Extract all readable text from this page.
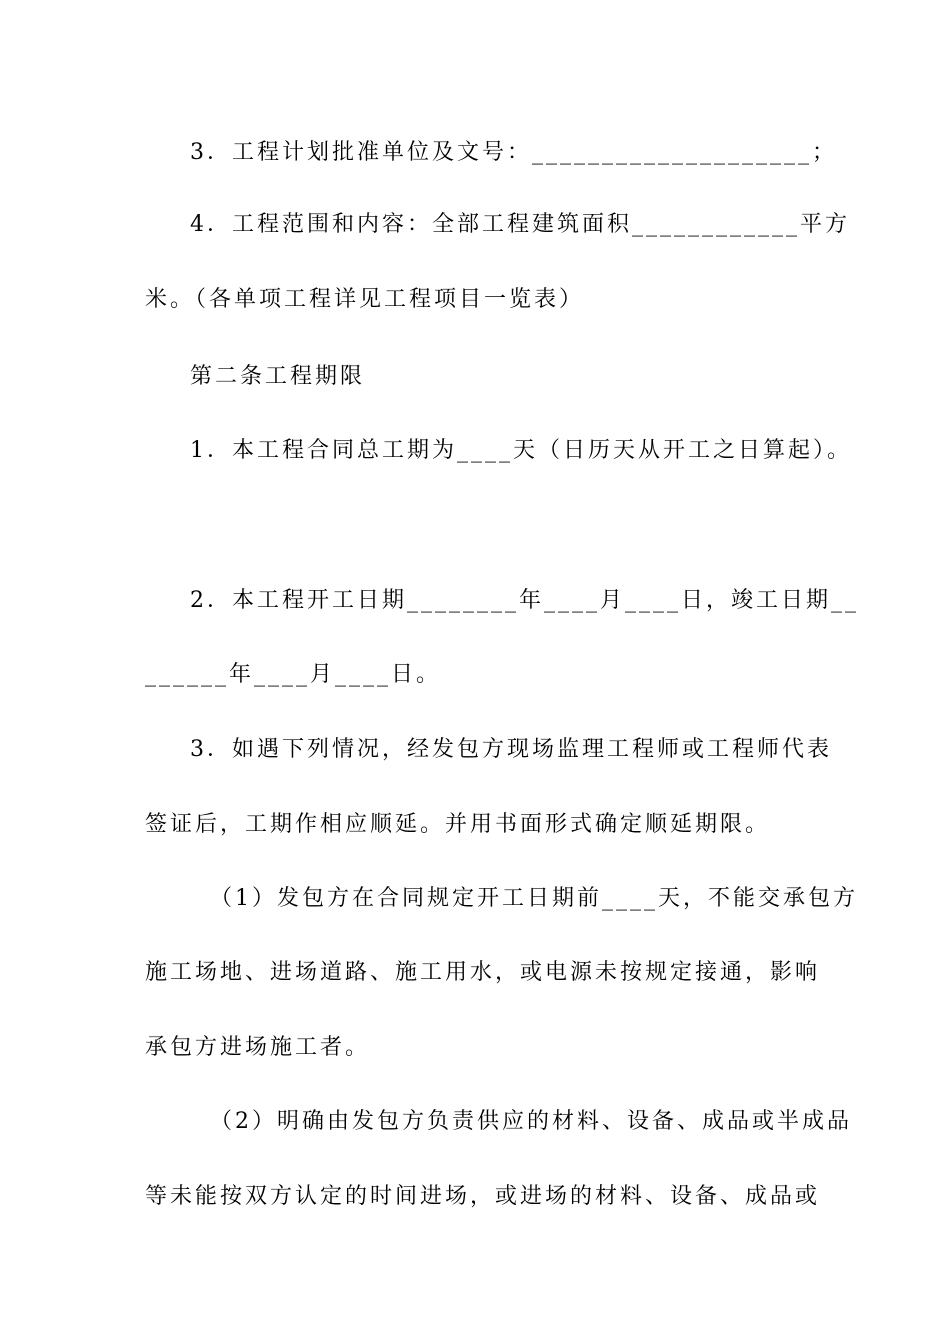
3．工程计划批准单位及文号：____________________；

4．工程范围和内容：全部工程建筑面积____________平方

米。（各单项工程详见工程项目一览表）

第二条工程期限

1．本工程合同总工期为____天（日历天从开工之日算起）。

2．本工程开工日期________年____月____日，竣工日期__

______年____月____日。

3．如遇下列情况，经发包方现场监理工程师或工程师代表

签证后，工期作相应顺延。并用书面形式确定顺延期限。

（1）发包方在合同规定开工日期前____天，不能交承包方

施工场地、进场道路、施工用水，或电源未按规定接通，影响

承包方进场施工者。

（2）明确由发包方负责供应的材料、设备、成品或半成品

等未能按双方认定的时间进场，或进场的材料、设备、成品或
